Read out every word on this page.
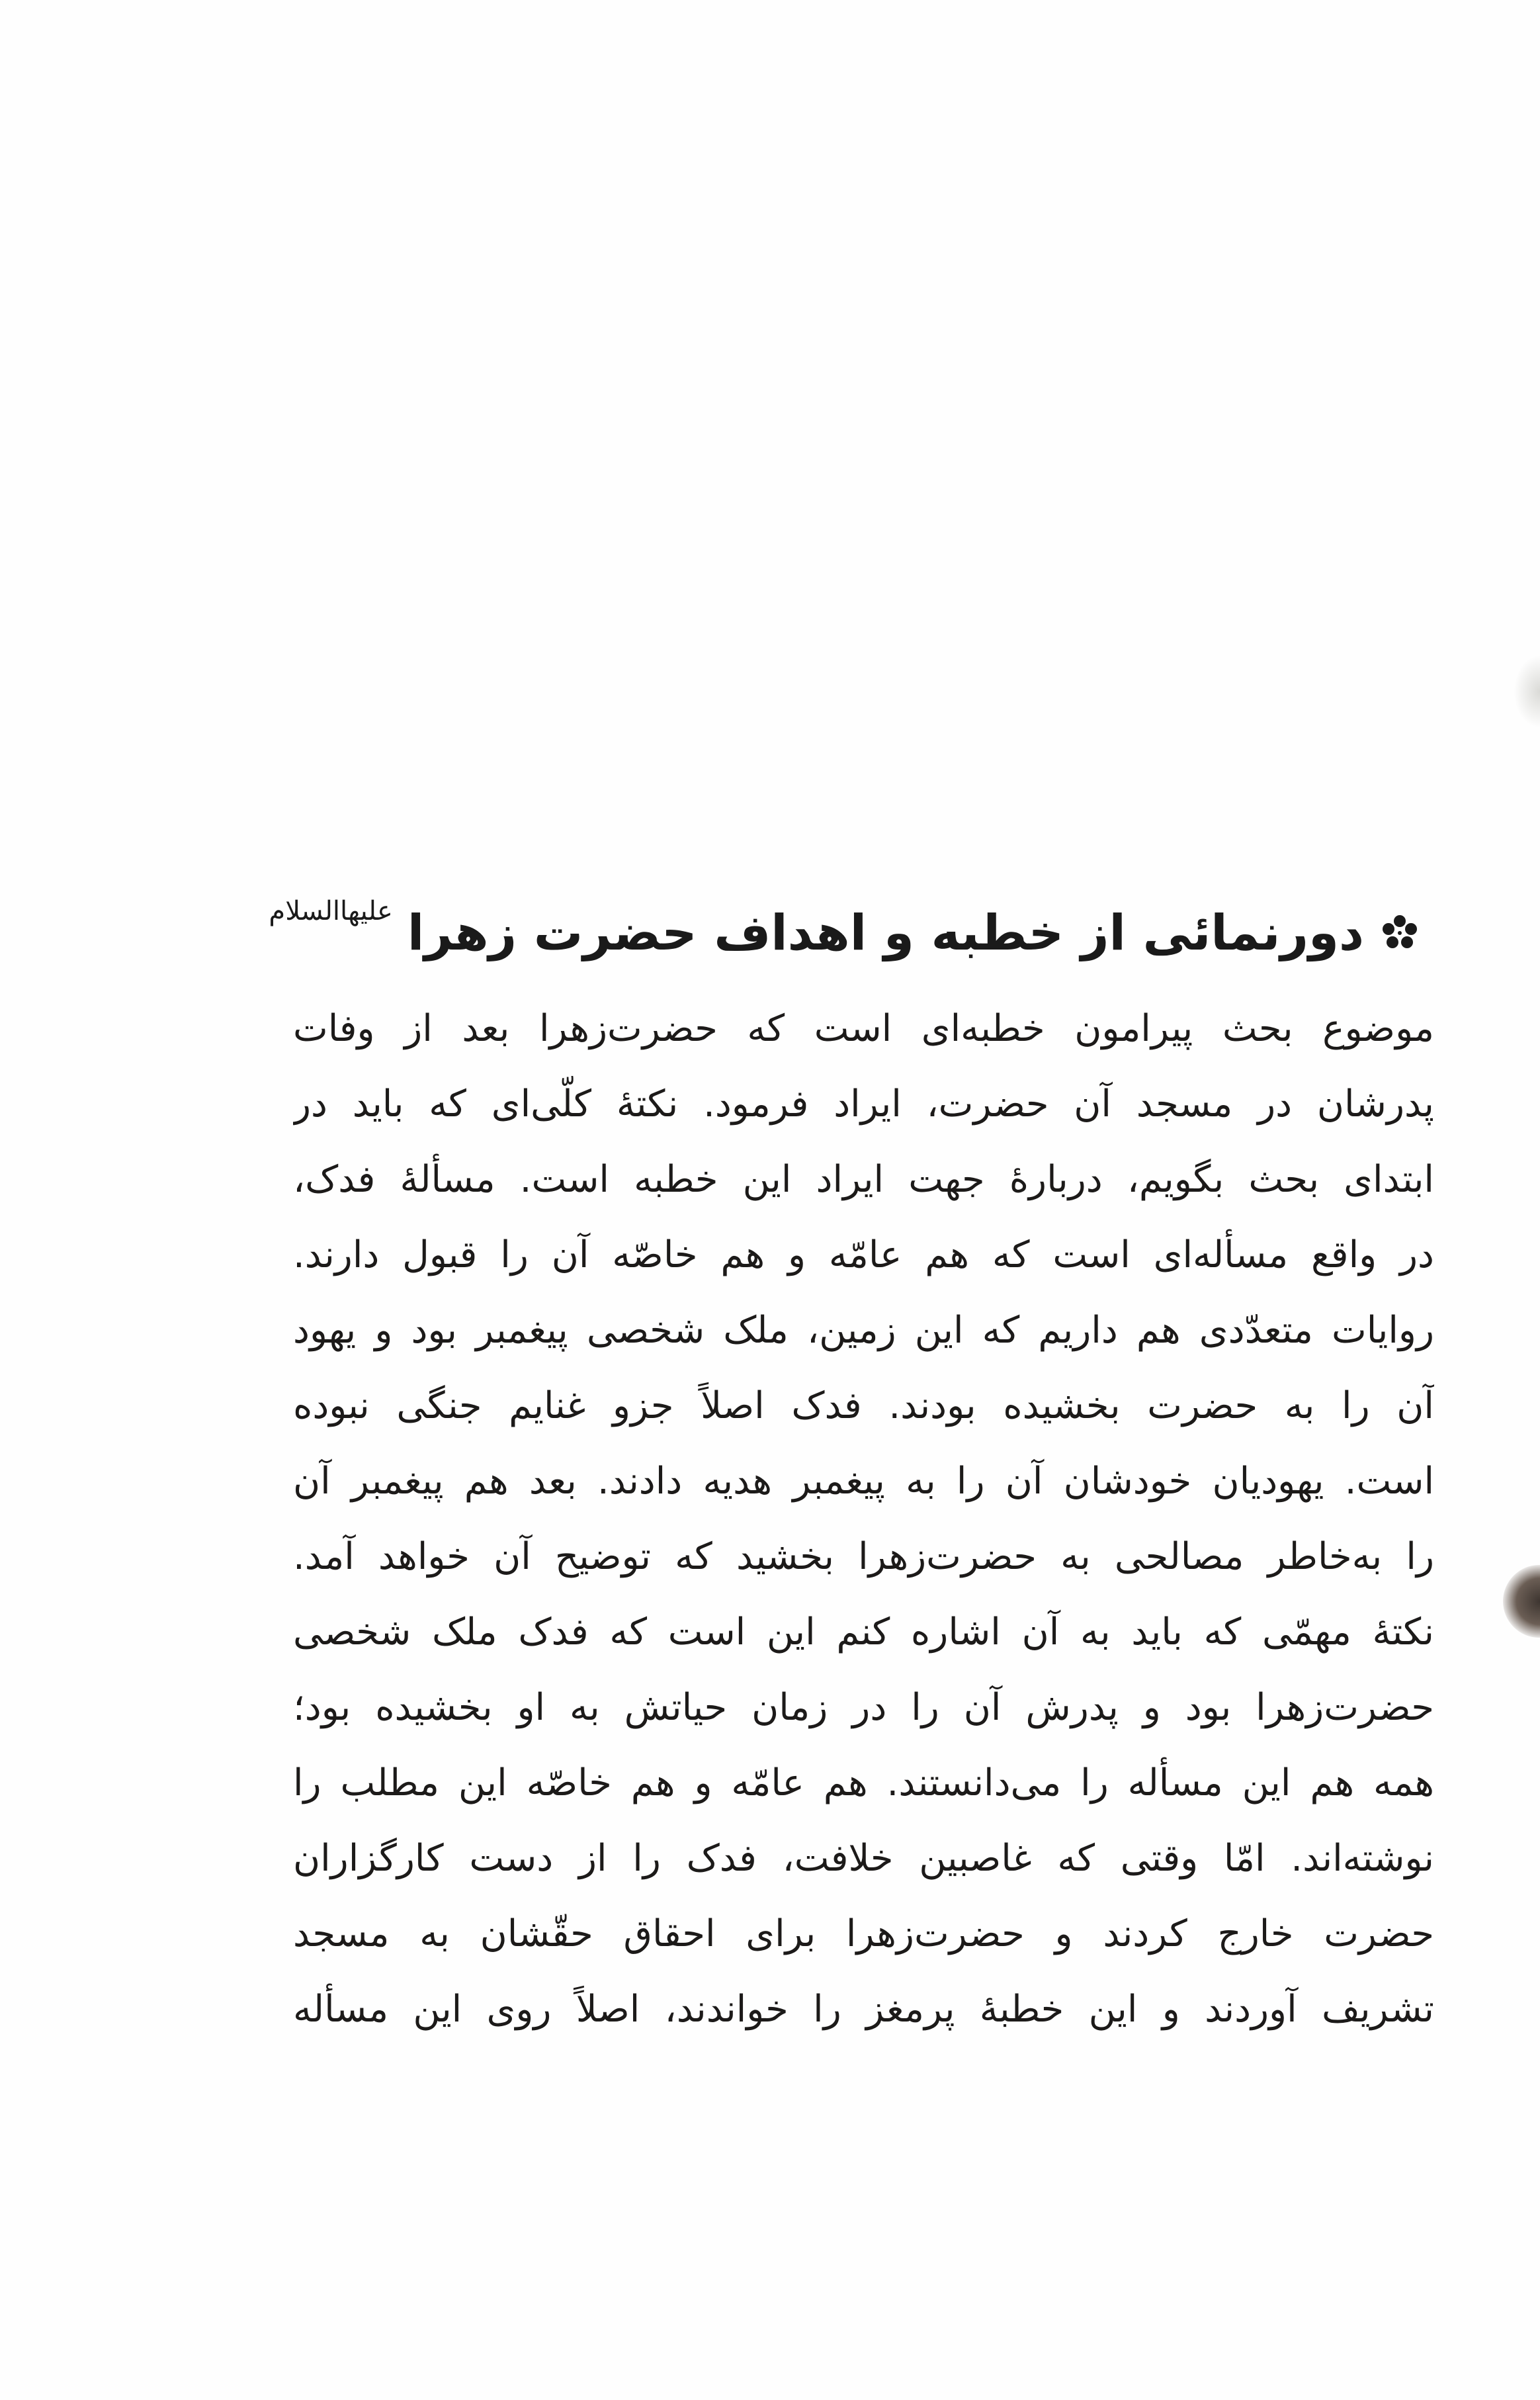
دورنمائی از خطبه و اهداف حضرت زهرا
علیهاالسلام
موضوع بحث پیرامون خطبه‌ای است که حضرت‌زهرا بعد از وفات
پدرشان در مسجد آن حضرت، ایراد فرمود. نکتهٔ کلّی‌ای که باید در
ابتدای بحث بگویم، دربارهٔ جهت ایراد این خطبه است. مسألهٔ فدک،
در واقع مسأله‌ای است که هم عامّه و هم خاصّه آن را قبول دارند.
روایات متعدّدی هم داریم که این زمین، ملک شخصی پیغمبر بود و یهود
آن را به حضرت بخشیده بودند. فدک اصلاً جزو غنایم جنگی نبوده
است. یهودیان خودشان آن را به پیغمبر هدیه دادند. بعد هم پیغمبر آن
را به‌خاطر مصالحی به حضرت‌زهرا بخشید که توضیح آن خواهد آمد.
نکتهٔ مهمّی که باید به آن اشاره کنم این است که فدک ملک شخصی
حضرت‌زهرا بود و پدرش آن را در زمان حیاتش به او بخشیده بود؛
همه هم این مسأله را می‌دانستند. هم عامّه و هم خاصّه این مطلب را
نوشته‌اند. امّا وقتی که غاصبین خلافت، فدک را از دست کارگزاران
حضرت خارج کردند و حضرت‌زهرا برای احقاق حقّشان به مسجد
تشریف آوردند و این خطبهٔ پرمغز را خواندند، اصلاً روی این مسأله
